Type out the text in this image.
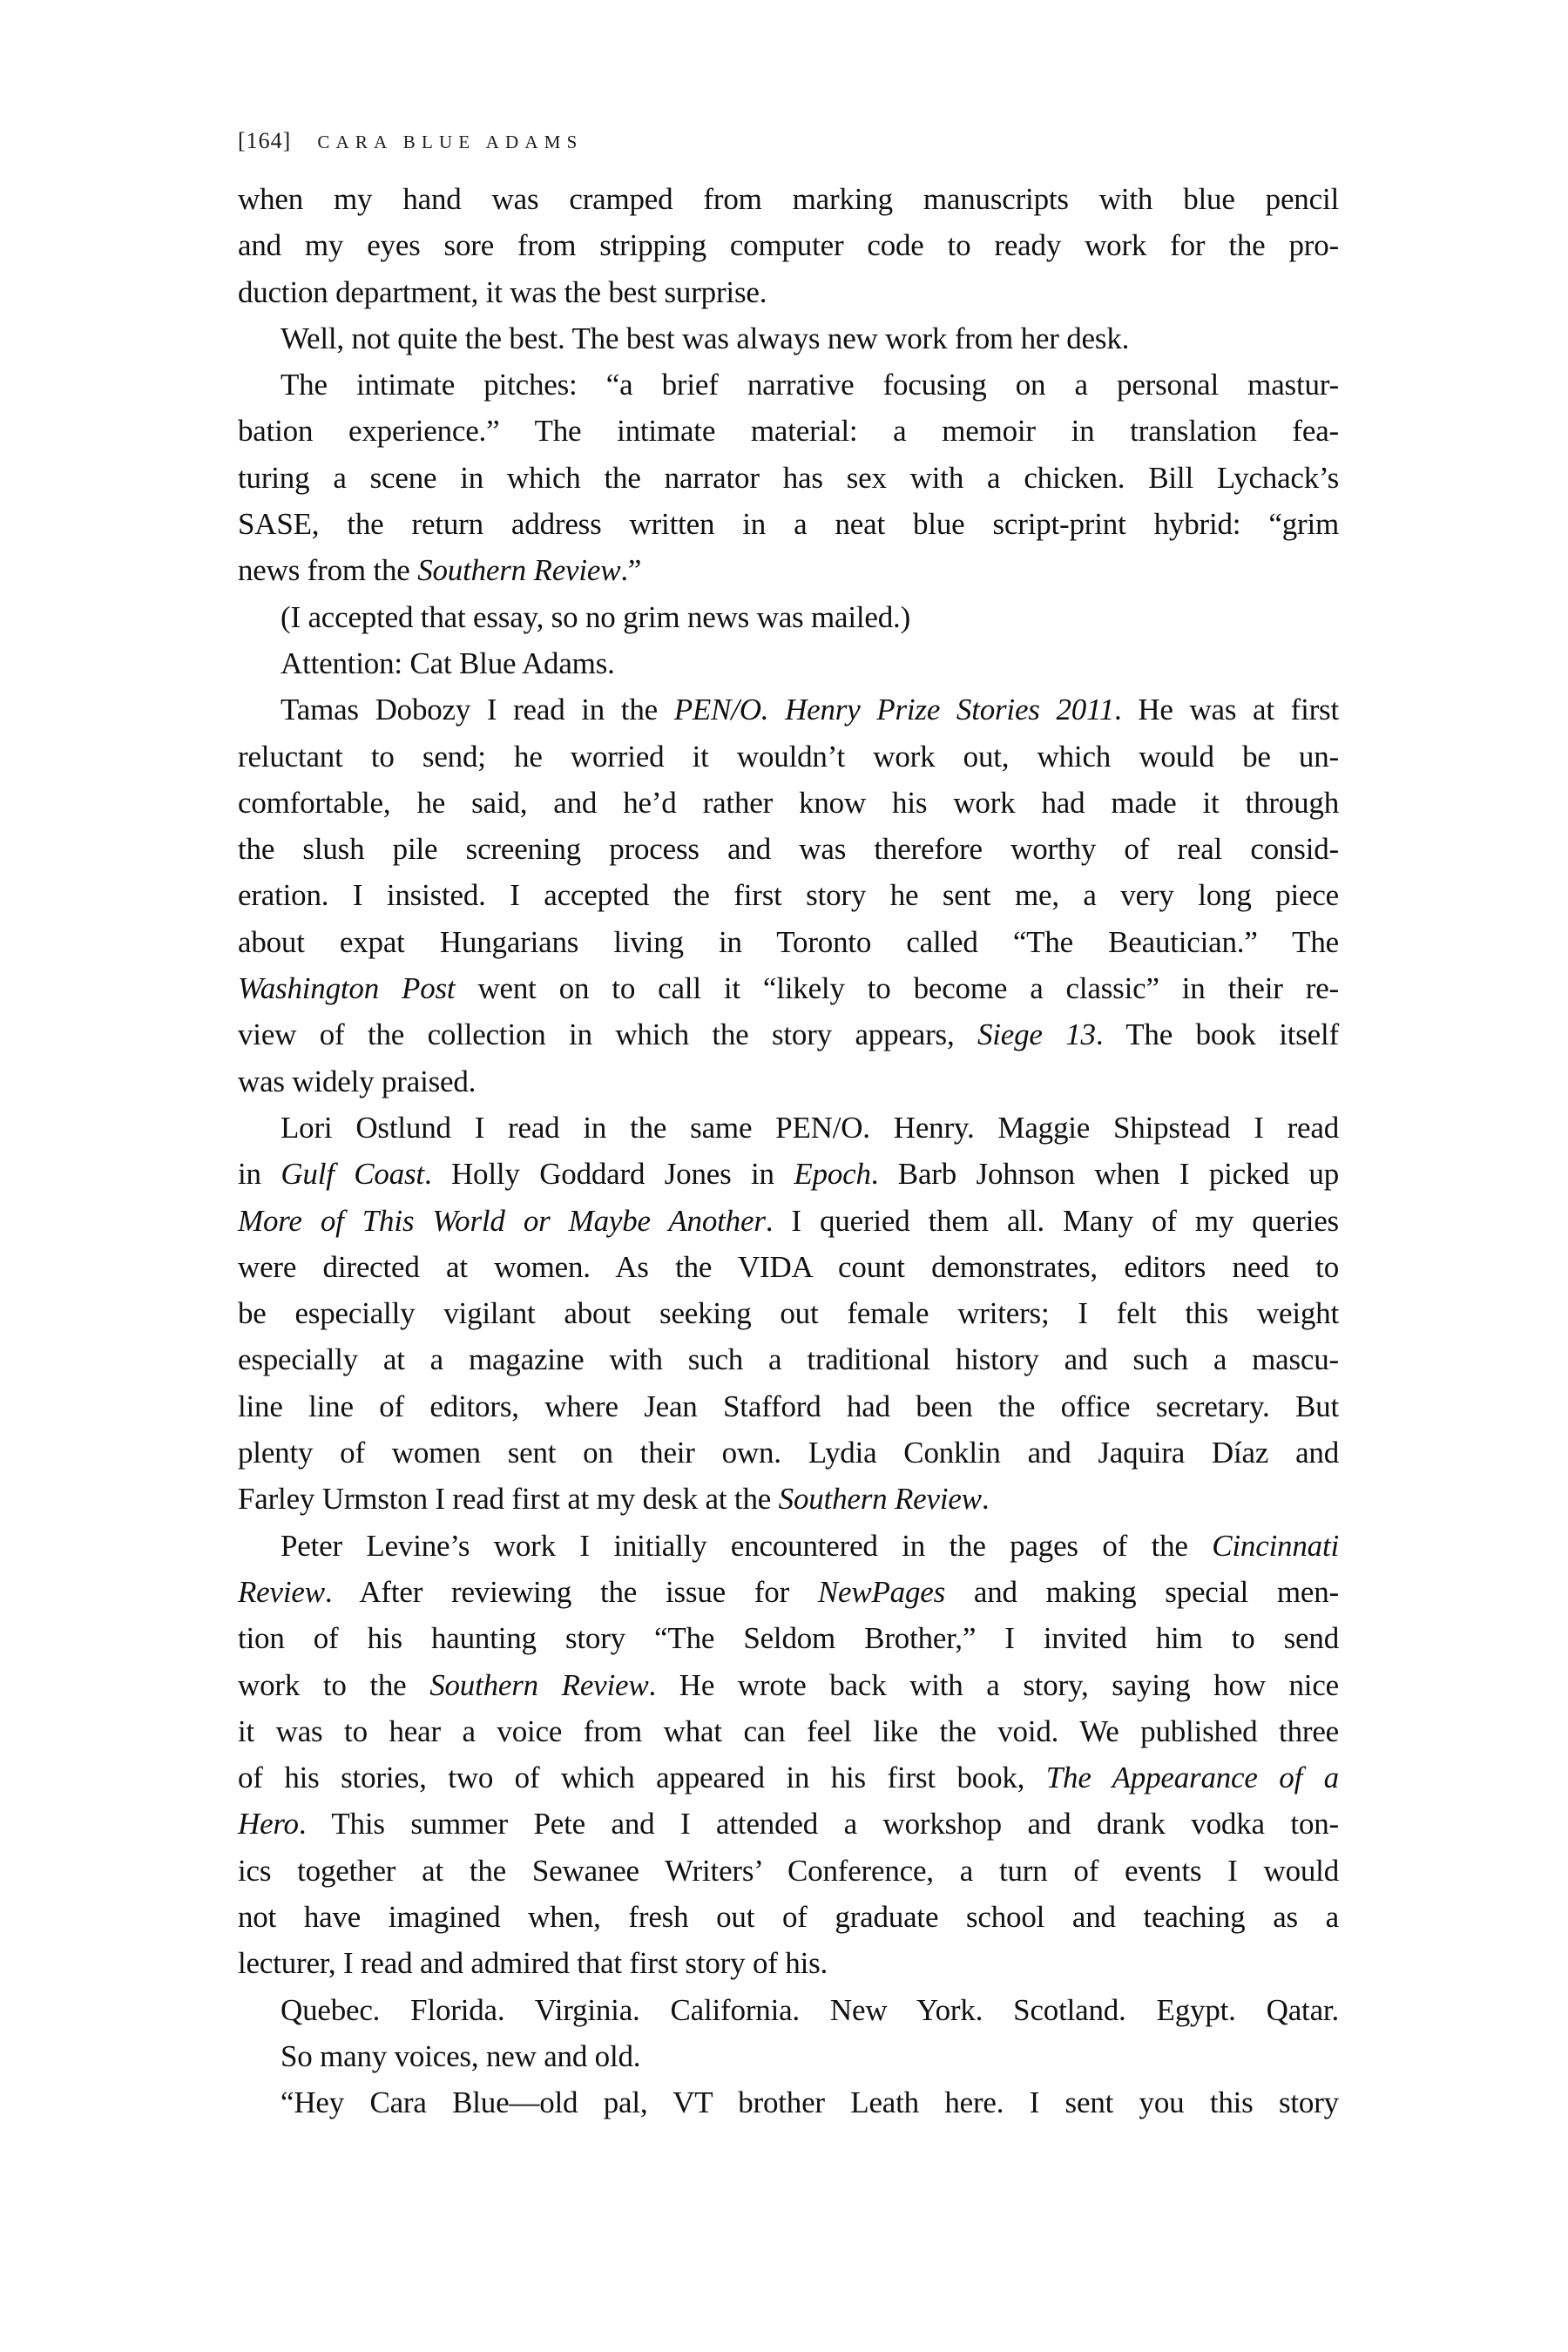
[164] CARA BLUE ADAMS
when my hand was cramped from marking manuscripts with blue pencil
and my eyes sore from stripping computer code to ready work for the pro-
duction department, it was the best surprise.
Well, not quite the best. The best was always new work from her desk.
The intimate pitches: “a brief narrative focusing on a personal mastur-
bation experience.” The intimate material: a memoir in translation fea-
turing a scene in which the narrator has sex with a chicken. Bill Lychack’s
SASE, the return address written in a neat blue script-print hybrid: “grim
news from the Southern Review.”
(I accepted that essay, so no grim news was mailed.)
Attention: Cat Blue Adams.
Tamas Dobozy I read in the PEN/O. Henry Prize Stories 2011. He was at first
reluctant to send; he worried it wouldn’t work out, which would be un-
comfortable, he said, and he’d rather know his work had made it through
the slush pile screening process and was therefore worthy of real consid-
eration. I insisted. I accepted the first story he sent me, a very long piece
about expat Hungarians living in Toronto called “The Beautician.” The
Washington Post went on to call it “likely to become a classic” in their re-
view of the collection in which the story appears, Siege 13. The book itself
was widely praised.
Lori Ostlund I read in the same PEN/O. Henry. Maggie Shipstead I read
in Gulf Coast. Holly Goddard Jones in Epoch. Barb Johnson when I picked up
More of This World or Maybe Another. I queried them all. Many of my queries
were directed at women. As the VIDA count demonstrates, editors need to
be especially vigilant about seeking out female writers; I felt this weight
especially at a magazine with such a traditional history and such a mascu-
line line of editors, where Jean Stafford had been the office secretary. But
plenty of women sent on their own. Lydia Conklin and Jaquira Díaz and
Farley Urmston I read first at my desk at the Southern Review.
Peter Levine’s work I initially encountered in the pages of the Cincinnati
Review. After reviewing the issue for NewPages and making special men-
tion of his haunting story “The Seldom Brother,” I invited him to send
work to the Southern Review. He wrote back with a story, saying how nice
it was to hear a voice from what can feel like the void. We published three
of his stories, two of which appeared in his first book, The Appearance of a
Hero. This summer Pete and I attended a workshop and drank vodka ton-
ics together at the Sewanee Writers’ Conference, a turn of events I would
not have imagined when, fresh out of graduate school and teaching as a
lecturer, I read and admired that first story of his.
Quebec. Florida. Virginia. California. New York. Scotland. Egypt. Qatar.
So many voices, new and old.
“Hey Cara Blue—old pal, VT brother Leath here. I sent you this story
